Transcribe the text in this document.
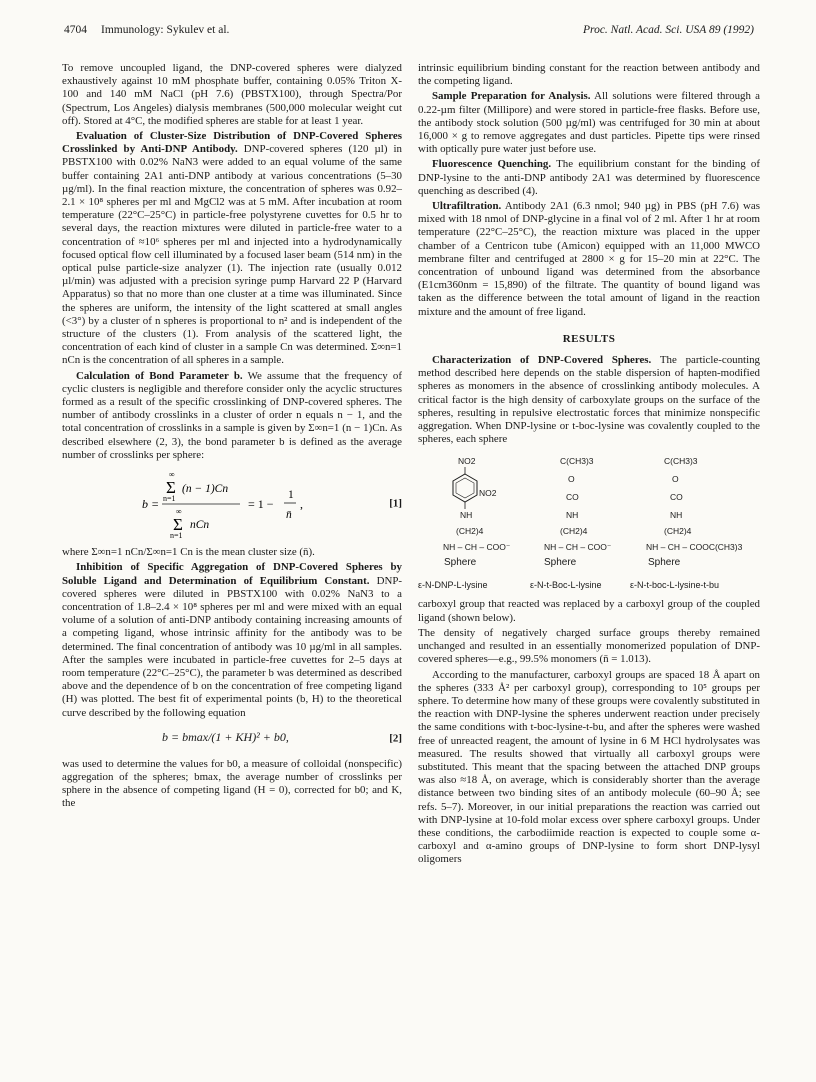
4704 Immunology: Sykulev et al.	Proc. Natl. Acad. Sci. USA 89 (1992)

To remove uncoupled ligand, the DNP-covered spheres were dialyzed exhaustively against 10 mM phosphate buffer, containing 0.05% Triton X-100 and 140 mM NaCl (pH 7.6) (PBSTX100), through Spectra/Por (Spectrum, Los Angeles) dialysis membranes (500,000 molecular weight cut off). Stored at 4°C, the modified spheres are stable for at least 1 year.

Evaluation of Cluster-Size Distribution of DNP-Covered Spheres Crosslinked by Anti-DNP Antibody. DNP-covered spheres (120 µl) in PBSTX100 with 0.02% NaN3 were added to an equal volume of the same buffer containing 2A1 anti-DNP antibody at various concentrations (5–30 µg/ml). In the final reaction mixture, the concentration of spheres was 0.92–2.1 × 10⁸ spheres per ml and MgCl2 was at 5 mM. After incubation at room temperature (22°C–25°C) in particle-free polystyrene cuvettes for 0.5 hr to several days, the reaction mixtures were diluted in particle-free water to a concentration of ≈10⁶ spheres per ml and injected into a hydrodynamically focused optical flow cell illuminated by a focused laser beam (514 nm) in the optical pulse particle-size analyzer (1). The injection rate (usually 0.012 µl/min) was adjusted with a precision syringe pump Harvard 22 P (Harvard Apparatus) so that no more than one cluster at a time was illuminated. Since the spheres are uniform, the intensity of the light scattered at small angles (<3°) by a cluster of n spheres is proportional to n² and is independent of the structure of the clusters (1). From analysis of the scattered light, the concentration of each kind of cluster in a sample Cn was determined. Σ∞n=1 nCn is the concentration of all spheres in a sample.

Calculation of Bond Parameter b. We assume that the frequency of cyclic clusters is negligible and therefore consider only the acyclic structures formed as a result of the specific crosslinking of DNP-covered spheres. The number of antibody crosslinks in a cluster of order n equals n − 1, and the total concentration of crosslinks in a sample is given by Σ∞n=1 (n − 1)Cn. As described elsewhere (2, 3), the bond parameter b is defined as the average number of crosslinks per sphere:

b =
∞
Σ
n=1
(n − 1)Cn
∞
Σ
n=1
nCn
= 1 −
1
n̄
,	[1]

where Σ∞n=1 nCn/Σ∞n=1 Cn is the mean cluster size (n̄).

Inhibition of Specific Aggregation of DNP-Covered Spheres by Soluble Ligand and Determination of Equilibrium Constant. DNP-covered spheres were diluted in PBSTX100 with 0.02% NaN3 to a concentration of 1.8–2.4 × 10⁸ spheres per ml and were mixed with an equal volume of a solution of anti-DNP antibody containing increasing amounts of a competing ligand, whose intrinsic affinity for the antibody was to be determined. The final concentration of antibody was 10 µg/ml in all samples. After the samples were incubated in particle-free cuvettes for 2–5 days at room temperature (22°C–25°C), the parameter b was determined as described above and the dependence of b on the concentration of free competing ligand (H) was plotted. The best fit of experimental points (b, H) to the theoretical curve described by the following equation

b = bmax/(1 + KH)² + b0,	[2]

was used to determine the values for b0, a measure of colloidal (nonspecific) aggregation of the spheres; bmax, the average number of crosslinks per sphere in the absence of competing ligand (H = 0), corrected for b0; and K, the

intrinsic equilibrium binding constant for the reaction between antibody and the competing ligand.

Sample Preparation for Analysis. All solutions were filtered through a 0.22-µm filter (Millipore) and were stored in particle-free flasks. Before use, the antibody stock solution (500 µg/ml) was centrifuged for 30 min at about 16,000 × g to remove aggregates and dust particles. Pipette tips were rinsed with optically pure water just before use.

Fluorescence Quenching. The equilibrium constant for the binding of DNP-lysine to the anti-DNP antibody 2A1 was determined by fluorescence quenching as described (4).

Ultrafiltration. Antibody 2A1 (6.3 nmol; 940 µg) in PBS (pH 7.6) was mixed with 18 nmol of DNP-glycine in a final vol of 2 ml. After 1 hr at room temperature (22°C–25°C), the reaction mixture was placed in the upper chamber of a Centricon tube (Amicon) equipped with an 11,000 MWCO membrane filter and centrifuged at 2800 × g for 15–20 min at 22°C. The concentration of unbound ligand was determined from the absorbance (E1cm360nm = 15,890) of the filtrate. The quantity of bound ligand was taken as the difference between the total amount of ligand in the reaction mixture and the amount of free ligand.

RESULTS

Characterization of DNP-Covered Spheres. The particle-counting method described here depends on the stable dispersion of hapten-modified spheres as monomers in the absence of crosslinking antibody molecules. A critical factor is the high density of carboxylate groups on the surface of the spheres, resulting in repulsive electrostatic forces that minimize nonspecific aggregation. When DNP-lysine or t-boc-lysine was covalently coupled to the spheres, each sphere

NO2
NO2
NH
(CH2)4
NH – CH – COO⁻
Sphere
ε-N-DNP-L-lysine
C(CH3)3
O
CO
NH
(CH2)4
NH – CH – COO⁻
Sphere
ε-N-t-Boc-L-lysine
C(CH3)3
O
CO
NH
(CH2)4
NH – CH – COOC(CH3)3
Sphere
ε-N-t-boc-L-lysine-t-bu

carboxyl group that reacted was replaced by a carboxyl group of the coupled ligand (shown below).

The density of negatively charged surface groups thereby remained unchanged and resulted in an essentially monomerized population of DNP-covered spheres—e.g., 99.5% monomers (n̄ = 1.013).

According to the manufacturer, carboxyl groups are spaced 18 Å apart on the spheres (333 Å² per carboxyl group), corresponding to 10⁵ groups per sphere. To determine how many of these groups were covalently substituted in the reaction with DNP-lysine the spheres underwent reaction under precisely the same conditions with t-boc-lysine-t-bu, and after the spheres were washed free of unreacted reagent, the amount of lysine in 6 M HCl hydrolysates was measured. The results showed that virtually all carboxyl groups were substituted. This meant that the spacing between the attached DNP groups was also ≈18 Å, on average, which is considerably shorter than the average distance between two binding sites of an antibody molecule (60–90 Å; see refs. 5–7). Moreover, in our initial preparations the reaction was carried out with DNP-lysine at 10-fold molar excess over sphere carboxyl groups. Under these conditions, the carbodiimide reaction is expected to couple some α-carboxyl and α-amino groups of DNP-lysine to form short DNP-lysyl oligomers
